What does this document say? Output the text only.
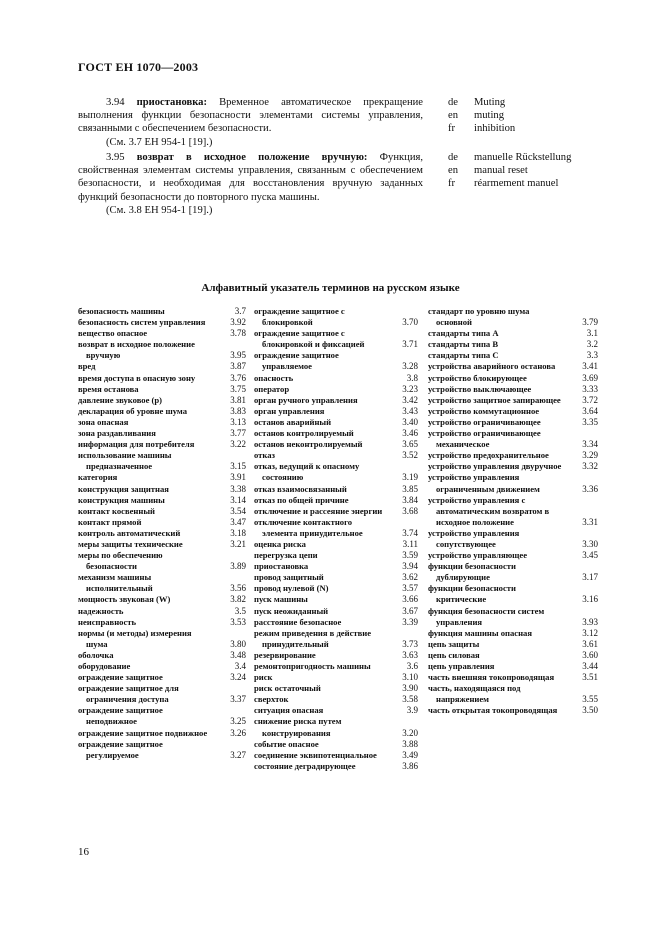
ГОСТ ЕН 1070—2003

3.94 приостановка: Временное автоматическое прекращение выполнения функции безопасности элементами системы управления, связанными с обеспечением безопасности.

(См. 3.7 ЕН 954-1 [19].)

de Muting
en muting
fr inhibition

3.95 возврат в исходное положение вручную: Функция, свойственная элементам системы управления, связанным с обеспечением безопасности, и необходимая для восстановления вручную заданных функций безопасности до повторного пуска машины.

(См. 3.8 ЕН 954-1 [19].)

de manuelle Rückstellung
en manual reset
fr réarmement manuel
Алфавитный указатель терминов на русском языке
безопасность машины	3.7
безопасность систем управления	3.92
вещество опасное	3.78
возврат в исходное положение вручную	3.95
вред	3.87
время доступа в опасную зону	3.76
время останова	3.75
давление звуковое (p)	3.81
декларация об уровне шума	3.83
зона опасная	3.13
зона раздавливания	3.77
информация для потребителя	3.22
использование машины предназначенное	3.15
категория	3.91
конструкция защитная	3.38
конструкция машины	3.14
контакт косвенный	3.54
контакт прямой	3.47
контроль автоматический	3.18
меры защиты технические	3.21
меры по обеспечению безопасности	3.89
механизм машины исполнительный	3.56
мощность звуковая (W)	3.82
надежность	3.5
неисправность	3.53
нормы (и методы) измерения шума	3.80
оболочка	3.48
оборудование	3.4
ограждение защитное	3.24
ограждение защитное для ограничения доступа	3.37
ограждение защитное неподвижное	3.25
ограждение защитное подвижное	3.26
ограждение защитное регулируемое	3.27
ограждение защитное с блокировкой	3.70
ограждение защитное с блокировкой и фиксацией	3.71
ограждение защитное управляемое	3.28
опасность	3.8
оператор	3.23
орган ручного управления	3.42
орган управления	3.43
останов аварийный	3.40
останов контролируемый	3.46
останов неконтролируемый	3.65
отказ	3.52
отказ, ведущий к опасному состоянию	3.19
отказ взаимосвязанный	3.85
отказ по общей причине	3.84
отключение и рассеяние энергии	3.68
отключение контактного элемента принудительное	3.74
оценка риска	3.11
перегрузка цепи	3.59
приостановка	3.94
провод защитный	3.62
провод нулевой (N)	3.57
пуск машины	3.66
пуск неожиданный	3.67
расстояние безопасное	3.39
режим приведения в действие принудительный	3.73
резервирование	3.63
ремонтопригодность машины	3.6
риск	3.10
риск остаточный	3.90
сверхток	3.58
ситуация опасная	3.9
снижение риска путем конструирования	3.20
событие опасное	3.88
соединение эквипотенциальное	3.49
состояние деградирующее	3.86
стандарт по уровню шума основной	3.79
стандарты типа А	3.1
стандарты типа В	3.2
стандарты типа С	3.3
устройства аварийного останова	3.41
устройство блокирующее	3.69
устройство выключающее	3.33
устройство защитное запирающее	3.72
устройство коммутационное	3.64
устройство ограничивающее	3.35
устройство ограничивающее механическое	3.34
устройство предохранительное	3.29
устройство управления двуручное	3.32
устройство управления ограниченным движением	3.36
устройство управления с автоматическим возвратом в исходное положение	3.31
устройство управления сопутствующее	3.30
устройство управляющее	3.45
функции безопасности дублирующие	3.17
функции безопасности критические	3.16
функция безопасности систем управления	3.93
функция машины опасная	3.12
цепь защиты	3.61
цепь силовая	3.60
цепь управления	3.44
часть внешняя токопроводящая	3.51
часть, находящаяся под напряжением	3.55
часть открытая токопроводящая	3.50
16
